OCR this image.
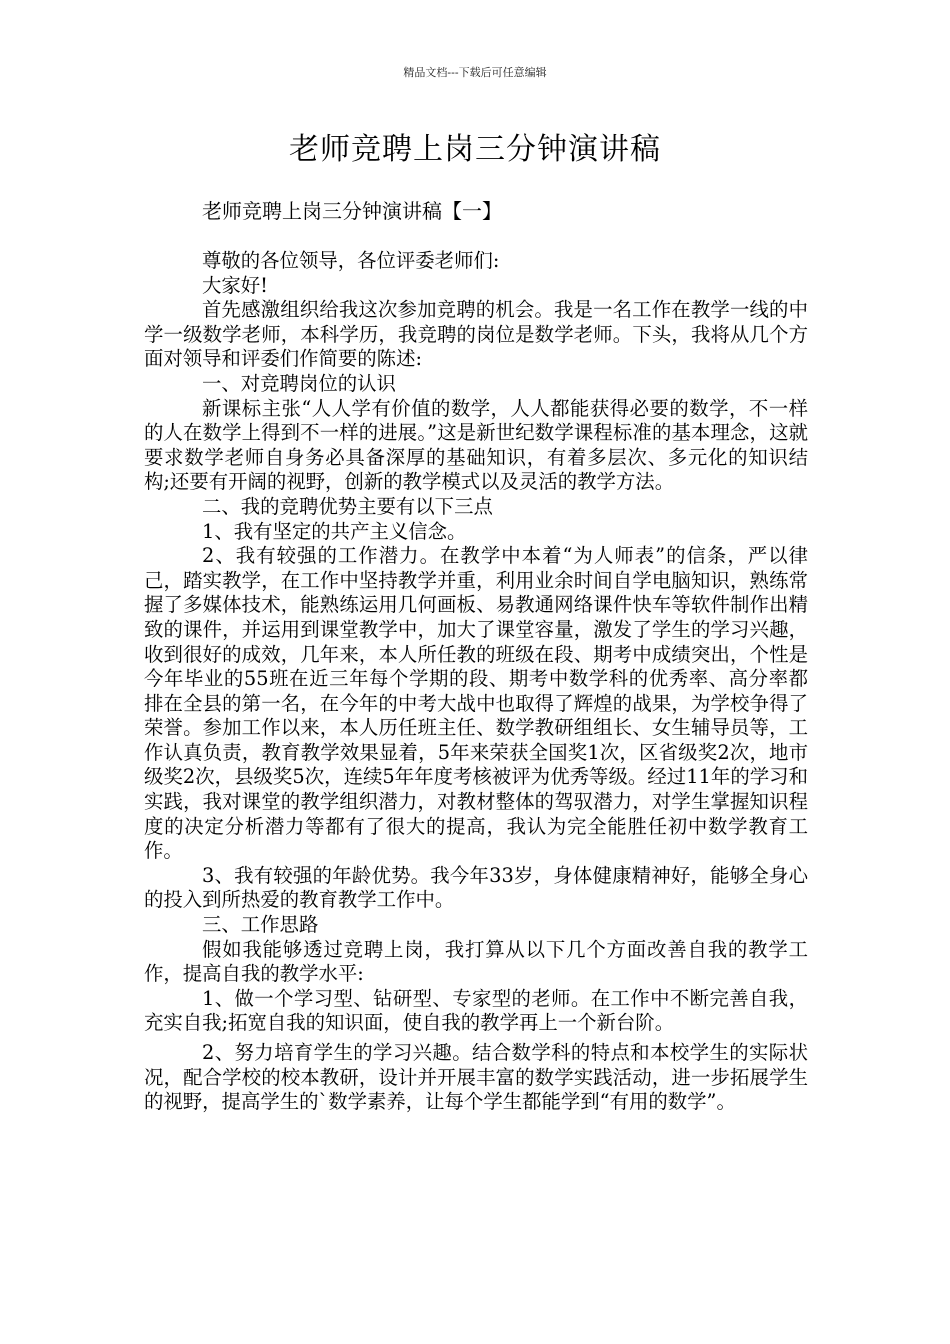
精品文档---下载后可任意编辑
老师竞聘上岗三分钟演讲稿
老师竞聘上岗三分钟演讲稿【一】

尊敬的各位领导，各位评委老师们:

大家好!

首先感激组织给我这次参加竞聘的机会。我是一名工作在教学一线的中学一级数学老师，本科学历，我竞聘的岗位是数学老师。下头，我将从几个方面对领导和评委们作简要的陈述:

一、对竞聘岗位的认识

新课标主张“人人学有价值的数学，人人都能获得必要的数学，不一样的人在数学上得到不一样的进展。”这是新世纪数学课程标准的基本理念，这就要求数学老师自身务必具备深厚的基础知识，有着多层次、多元化的知识结构;还要有开阔的视野，创新的教学模式以及灵活的教学方法。

二、我的竞聘优势主要有以下三点

1、我有坚定的共产主义信念。

2、我有较强的工作潜力。在教学中本着“为人师表”的信条，严以律己，踏实教学，在工作中坚持教学并重，利用业余时间自学电脑知识，熟练常握了多媒体技术，能熟练运用几何画板、易教通网络课件快车等软件制作出精致的课件，并运用到课堂教学中，加大了课堂容量，激发了学生的学习兴趣，收到很好的成效，几年来，本人所任教的班级在段、期考中成绩突出，个性是今年毕业的55班在近三年每个学期的段、期考中数学科的优秀率、高分率都排在全县的第一名，在今年的中考大战中也取得了辉煌的战果，为学校争得了荣誉。参加工作以来，本人历任班主任、数学教研组组长、女生辅导员等，工作认真负责，教育教学效果显着，5年来荣获全国奖1次，区省级奖2次，地市级奖2次，县级奖5次，连续5年年度考核被评为优秀等级。经过11年的学习和实践，我对课堂的教学组织潜力，对教材整体的驾驭潜力，对学生掌握知识程度的决定分析潜力等都有了很大的提高，我认为完全能胜任初中数学教育工作。

3、我有较强的年龄优势。我今年33岁，身体健康精神好，能够全身心的投入到所热爱的教育教学工作中。

三、工作思路

假如我能够透过竞聘上岗，我打算从以下几个方面改善自我的教学工作，提高自我的教学水平:

1、做一个学习型、钻研型、专家型的老师。在工作中不断完善自我，充实自我;拓宽自我的知识面，使自我的教学再上一个新台阶。

2、努力培育学生的学习兴趣。结合数学科的特点和本校学生的实际状况，配合学校的校本教研，设计并开展丰富的数学实践活动，进一步拓展学生的视野，提高学生的`数学素养，让每个学生都能学到“有用的数学”。
